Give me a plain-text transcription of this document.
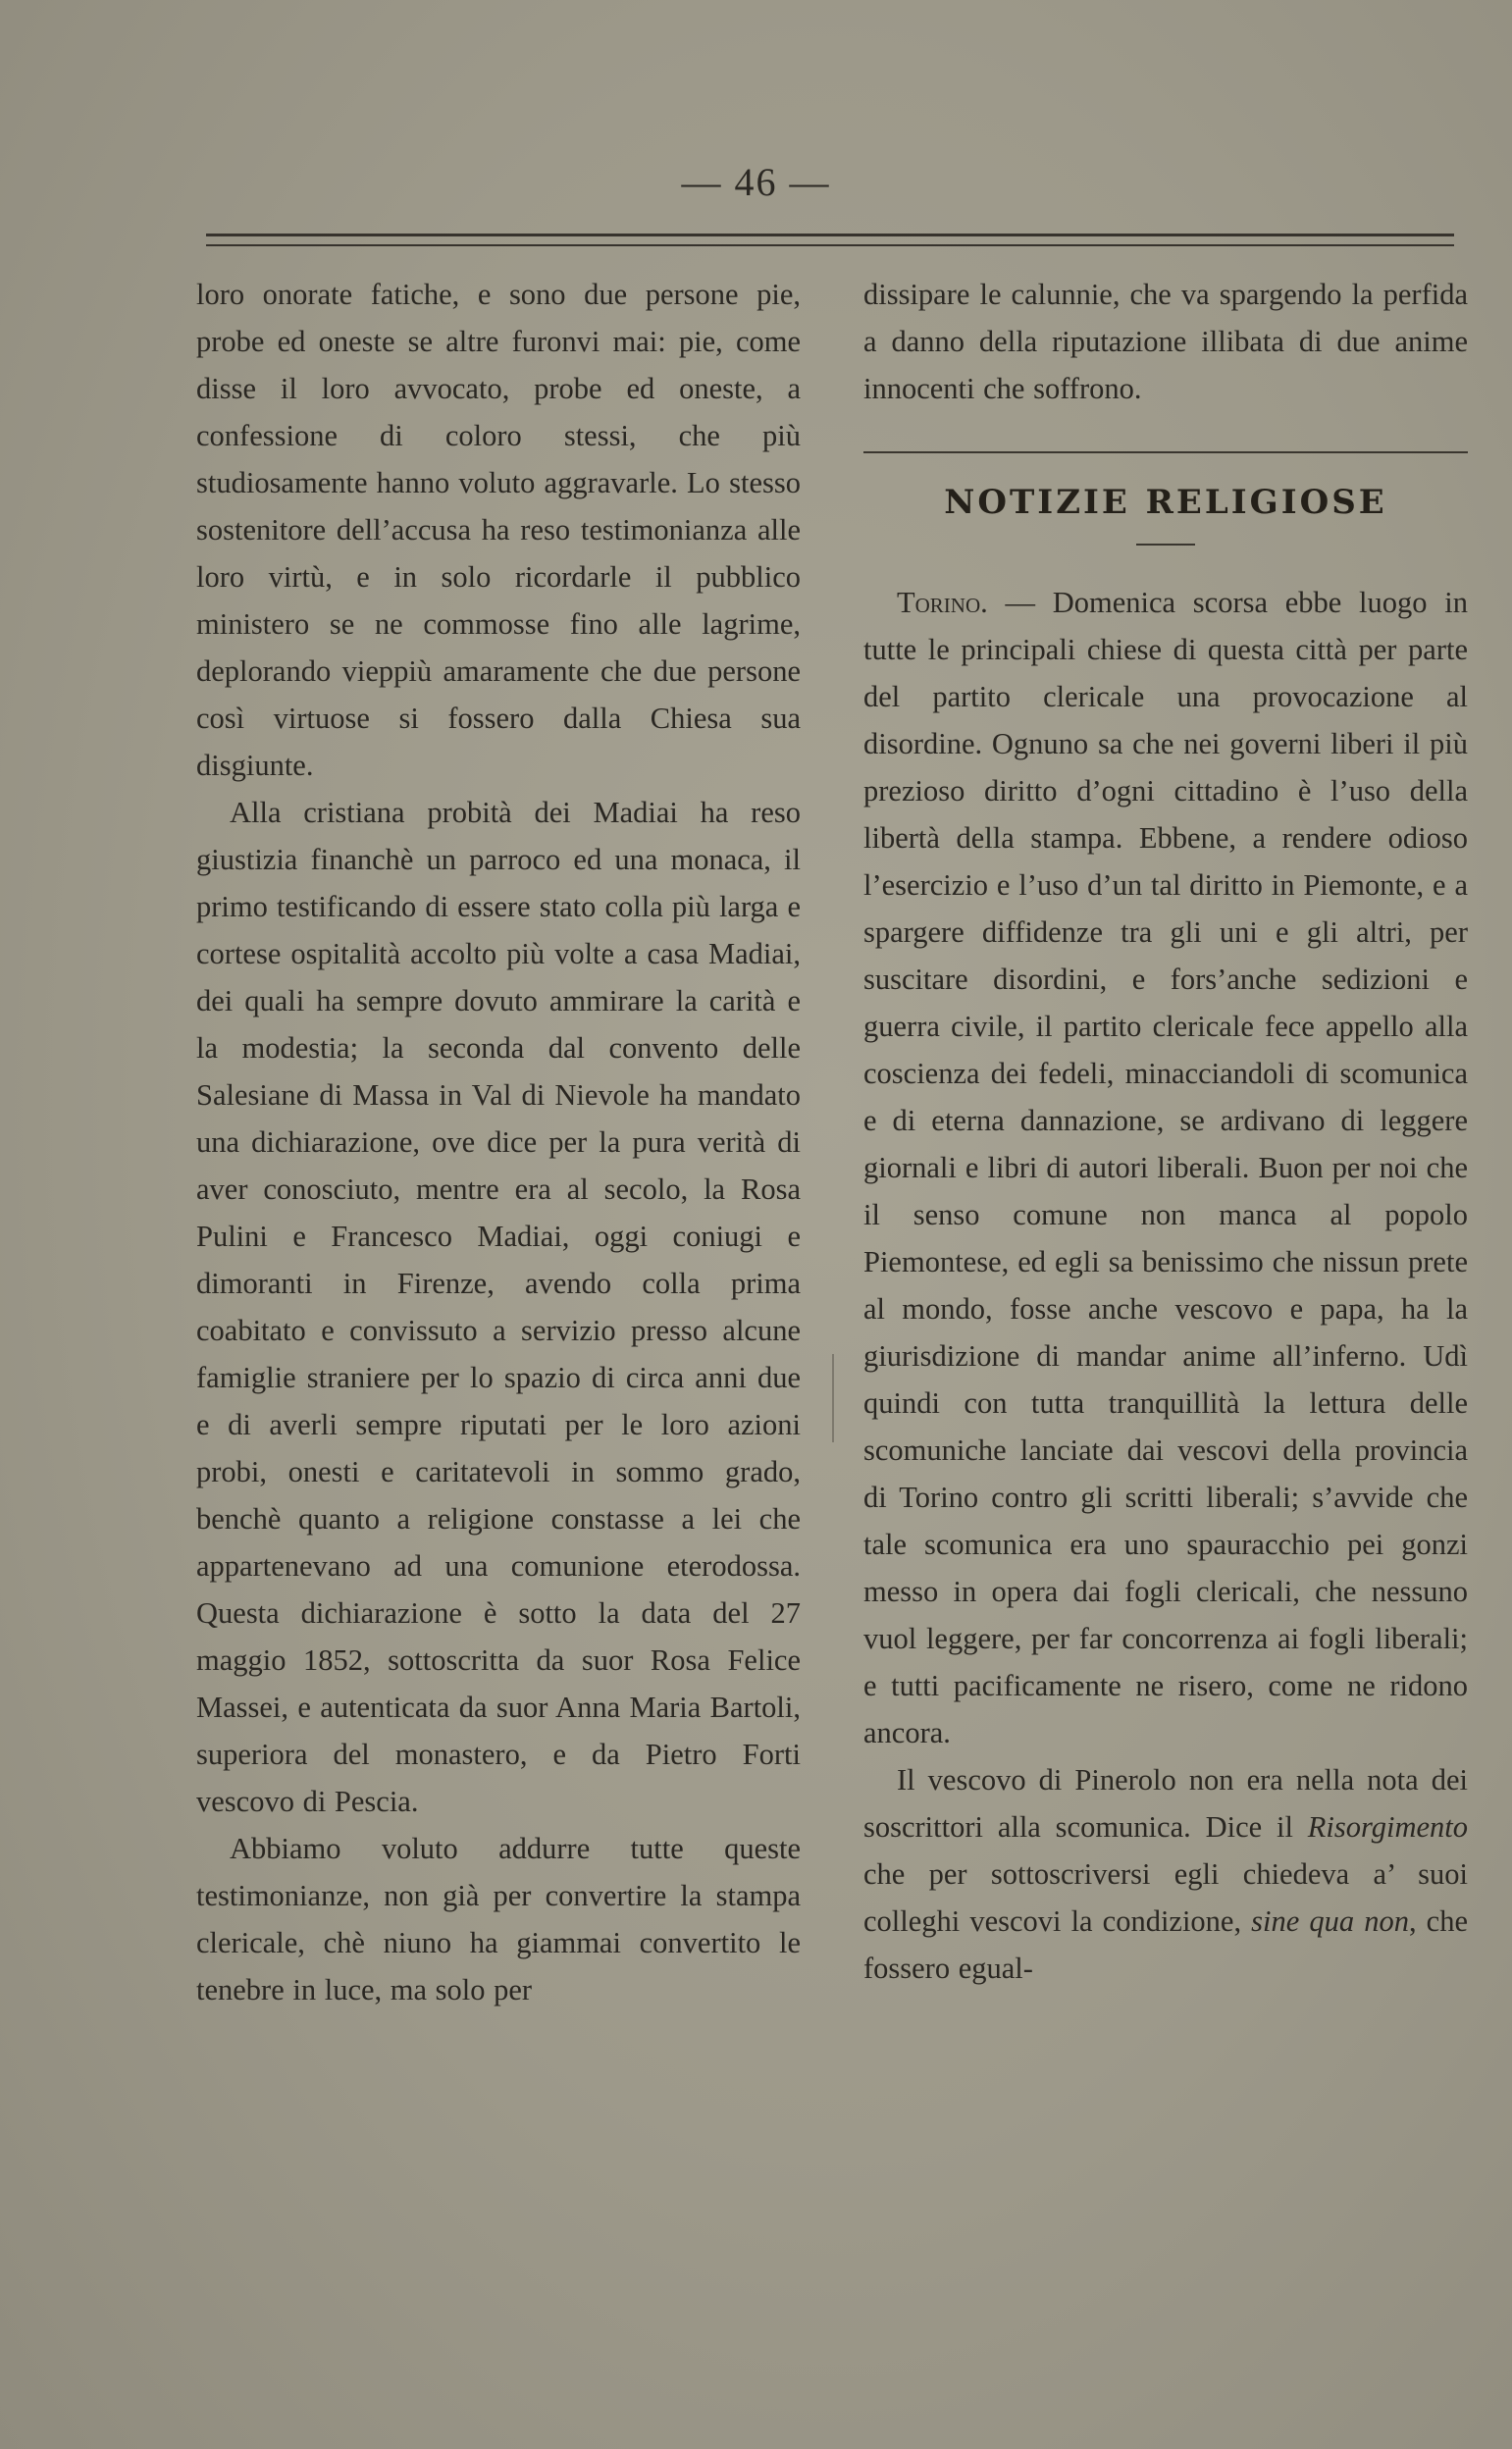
— 46 —

loro onorate fatiche, e sono due persone pie, probe ed oneste se altre furonvi mai: pie, come disse il loro avvocato, probe ed oneste, a confessione di coloro stessi, che più studiosamente hanno voluto aggravarle. Lo stesso sostenitore dell’accusa ha reso testimonianza alle loro virtù, e in solo ricordarle il pubblico ministero se ne commosse fino alle lagrime, deplorando vieppiù amaramente che due persone così virtuose si fossero dalla Chiesa sua disgiunte.

Alla cristiana probità dei Madiai ha reso giustizia financhè un parroco ed una monaca, il primo testificando di essere stato colla più larga e cortese ospitalità accolto più volte a casa Madiai, dei quali ha sempre dovuto ammirare la carità e la modestia; la seconda dal convento delle Salesiane di Massa in Val di Nievole ha mandato una dichiarazione, ove dice per la pura verità di aver conosciuto, mentre era al secolo, la Rosa Pulini e Francesco Madiai, oggi coniugi e dimoranti in Firenze, avendo colla prima coabitato e convissuto a servizio presso alcune famiglie straniere per lo spazio di circa anni due e di averli sempre riputati per le loro azioni probi, onesti e caritatevoli in sommo grado, benchè quanto a religione constasse a lei che appartenevano ad una comunione eterodossa. Questa dichiarazione è sotto la data del 27 maggio 1852, sottoscritta da suor Rosa Felice Massei, e autenticata da suor Anna Maria Bartoli, superiora del monastero, e da Pietro Forti vescovo di Pescia.

Abbiamo voluto addurre tutte queste testimonianze, non già per convertire la stampa clericale, chè niuno ha giammai convertito le tenebre in luce, ma solo per

dissipare le calunnie, che va spargendo la perfida a danno della riputazione illibata di due anime innocenti che soffrono.

NOTIZIE RELIGIOSE

Torino. — Domenica scorsa ebbe luogo in tutte le principali chiese di questa città per parte del partito clericale una provocazione al disordine. Ognuno sa che nei governi liberi il più prezioso diritto d’ogni cittadino è l’uso della libertà della stampa. Ebbene, a rendere odioso l’esercizio e l’uso d’un tal diritto in Piemonte, e a spargere diffidenze tra gli uni e gli altri, per suscitare disordini, e fors’anche sedizioni e guerra civile, il partito clericale fece appello alla coscienza dei fedeli, minacciandoli di scomunica e di eterna dannazione, se ardivano di leggere giornali e libri di autori liberali. Buon per noi che il senso comune non manca al popolo Piemontese, ed egli sa benissimo che nissun prete al mondo, fosse anche vescovo e papa, ha la giurisdizione di mandar anime all’inferno. Udì quindi con tutta tranquillità la lettura delle scomuniche lanciate dai vescovi della provincia di Torino contro gli scritti liberali; s’avvide che tale scomunica era uno spauracchio pei gonzi messo in opera dai fogli clericali, che nessuno vuol leggere, per far concorrenza ai fogli liberali; e tutti pacificamente ne risero, come ne ridono ancora.

Il vescovo di Pinerolo non era nella nota dei soscrittori alla scomunica. Dice il Risorgimento che per sottoscriversi egli chiedeva a’ suoi colleghi vescovi la condizione, sine qua non, che fossero egual-
